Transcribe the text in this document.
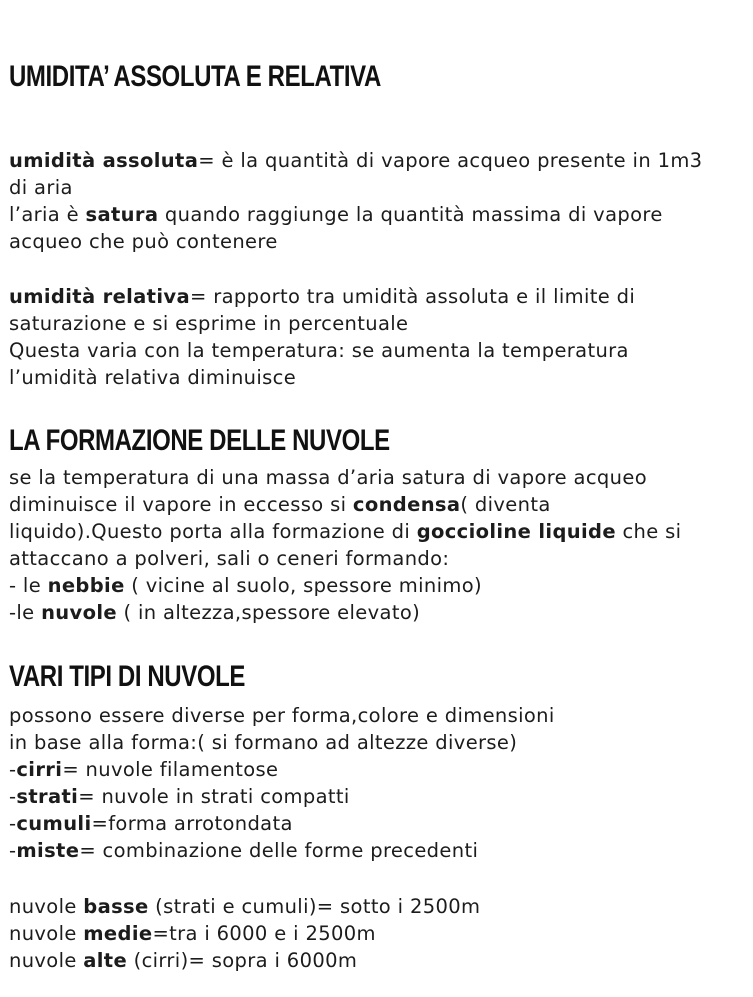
UMIDITA’ ASSOLUTA E RELATIVA

umidità assoluta= è la quantità di vapore acqueo presente in 1m3

di aria

l’aria è satura quando raggiunge la quantità massima di vapore

acqueo che può contenere

umidità relativa= rapporto tra umidità assoluta e il limite di

saturazione e si esprime in percentuale

Questa varia con la temperatura: se aumenta la temperatura

l’umidità relativa diminuisce

LA FORMAZIONE DELLE NUVOLE

se la temperatura di una massa d’aria satura di vapore acqueo

diminuisce il vapore in eccesso si condensa( diventa

liquido).Questo porta alla formazione di goccioline liquide che si

attaccano a polveri, sali o ceneri formando:

- le nebbie ( vicine al suolo, spessore minimo)

-le nuvole ( in altezza,spessore elevato)

VARI TIPI DI NUVOLE

possono essere diverse per forma,colore e dimensioni

in base alla forma:( si formano ad altezze diverse)

-cirri= nuvole filamentose

-strati= nuvole in strati compatti

-cumuli=forma arrotondata

-miste= combinazione delle forme precedenti

nuvole basse (strati e cumuli)= sotto i 2500m

nuvole medie=tra i 6000 e i 2500m

nuvole alte (cirri)= sopra i 6000m
